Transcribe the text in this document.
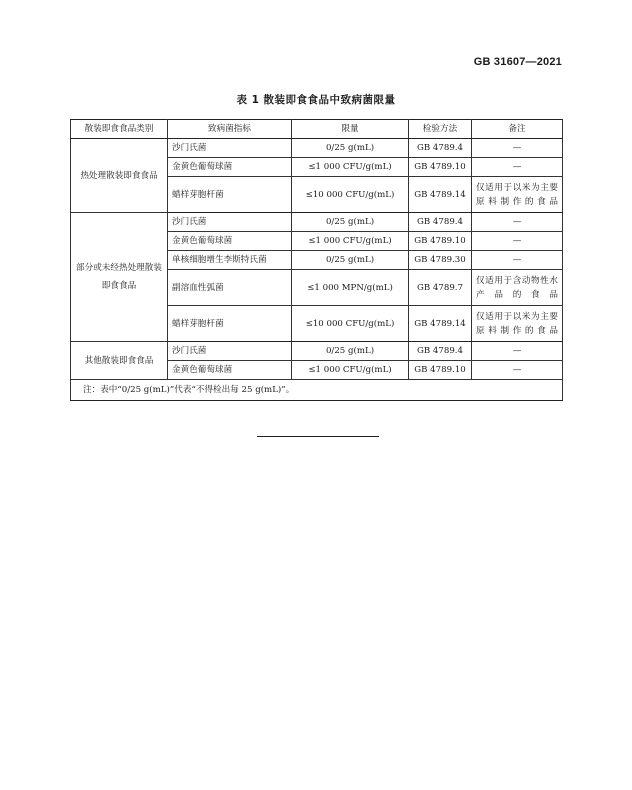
GB 31607—2021
表 1 散装即食食品中致病菌限量
散装即食食品类别	致病菌指标	限量	检验方法	备注
热处理散装即食食品	沙门氏菌	0/25 g(mL)	GB 4789.4	—
	金黄色葡萄球菌	≤1 000 CFU/g(mL)	GB 4789.10	—
	蜡样芽胞杆菌	≤10 000 CFU/g(mL)	GB 4789.14	仅适用于以米为主要原料制作的食品
部分或未经热处理散装即食食品	沙门氏菌	0/25 g(mL)	GB 4789.4	—
	金黄色葡萄球菌	≤1 000 CFU/g(mL)	GB 4789.10	—
	单核细胞增生李斯特氏菌	0/25 g(mL)	GB 4789.30	—
	副溶血性弧菌	≤1 000 MPN/g(mL)	GB 4789.7	仅适用于含动物性水产品的食品
	蜡样芽胞杆菌	≤10 000 CFU/g(mL)	GB 4789.14	仅适用于以米为主要原料制作的食品
其他散装即食食品	沙门氏菌	0/25 g(mL)	GB 4789.4	—
	金黄色葡萄球菌	≤1 000 CFU/g(mL)	GB 4789.10	—
注：表中“0/25 g(mL)”代表“不得检出每 25 g(mL)”。				
